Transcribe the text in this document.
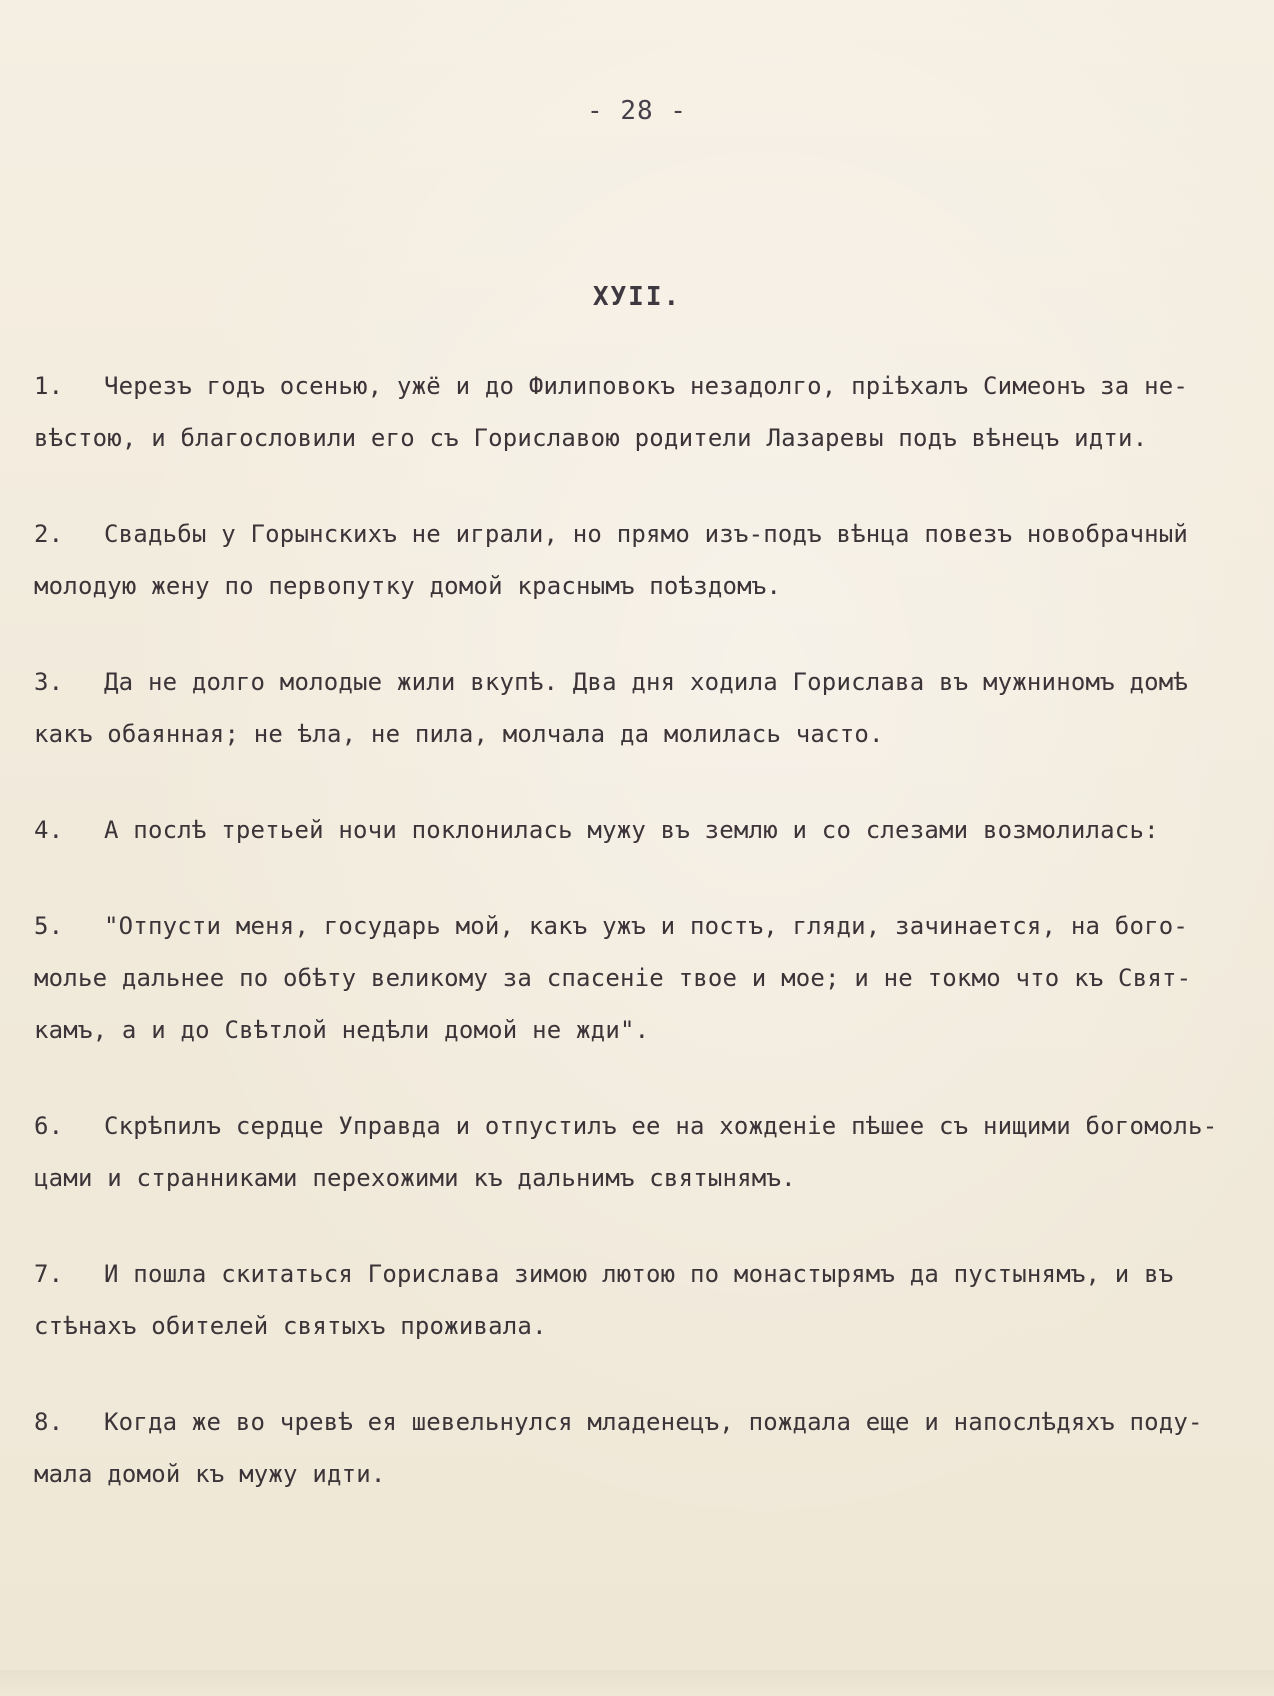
- 28 -
ХУII.
1. Черезъ годъ осенью, ужё и до Филиповокъ незадолго, прiѣхалъ Симеонъ за не-
вѣстою, и благословили его съ Гориславою родители Лазаревы подъ вѣнецъ идти.
2. Свадьбы у Горынскихъ не играли, но прямо изъ-подъ вѣнца повезъ новобрачный
молодую жену по первопутку домой краснымъ поѣздомъ.
3. Да не долго молодые жили вкупѣ. Два дня ходила Горислава въ мужниномъ домѣ
какъ обаянная; не ѣла, не пила, молчала да молилась часто.
4. А послѣ третьей ночи поклонилась мужу въ землю и со слезами возмолилась:
5. "Отпусти меня, государь мой, какъ ужъ и постъ, гляди, зачинается, на бого-
молье дальнее по обѣту великому за спасенiе твое и мое; и не токмо что къ Свят-
камъ, а и до Свѣтлой недѣли домой не жди".
6. Скрѣпилъ сердце Управда и отпустилъ ее на хожденiе пѣшее съ нищими богомоль-
цами и странниками перехожими къ дальнимъ святынямъ.
7. И пошла скитаться Горислава зимою лютою по монастырямъ да пустынямъ, и въ
стѣнахъ обителей святыхъ проживала.
8. Когда же во чревѣ ея шевельнулся младенецъ, пождала еще и напослѣдяхъ поду-
мала домой къ мужу идти.
